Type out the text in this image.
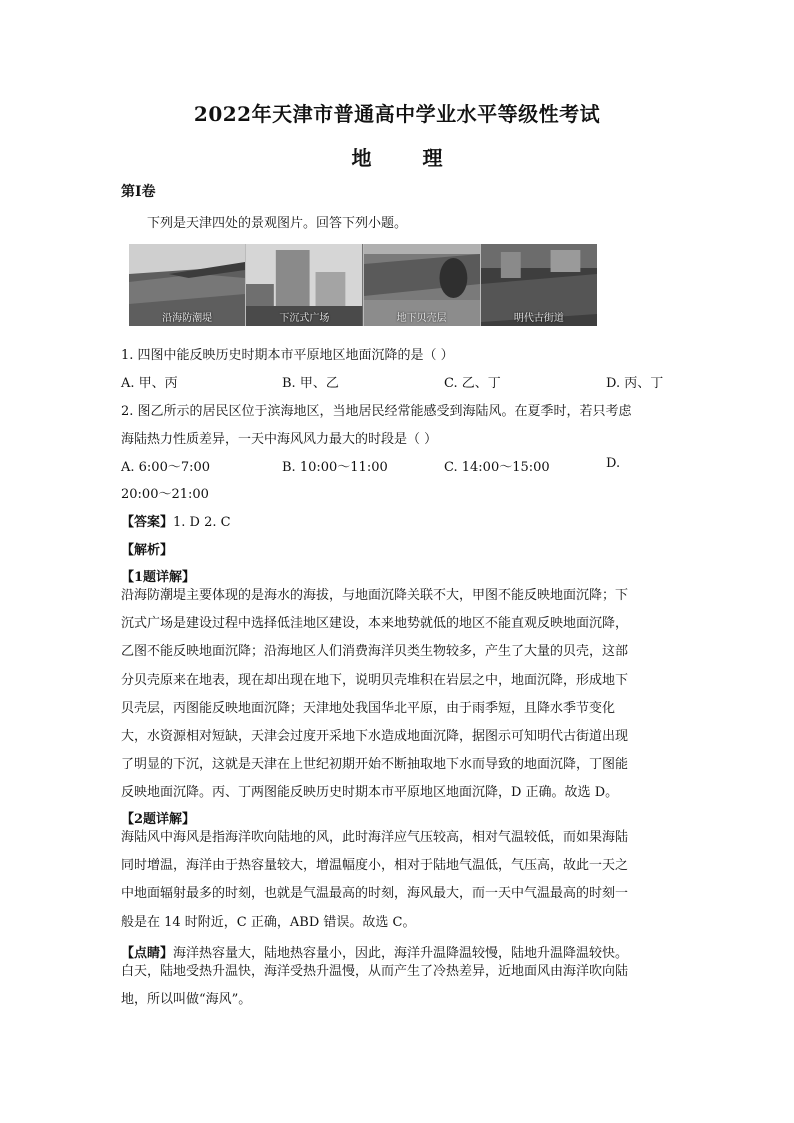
2022年天津市普通高中学业水平等级性考试
地 理
第Ⅰ卷
下列是天津四处的景观图片。回答下列小题。
沿海防潮堤	下沉式广场	地下贝壳层	明代古街道
1. 四图中能反映历史时期本市平原地区地面沉降的是（ ）
A. 甲、丙	B. 甲、乙	C. 乙、丁	D. 丙、丁
2. 图乙所示的居民区位于滨海地区，当地居民经常能感受到海陆风。在夏季时，若只考虑
海陆热力性质差异，一天中海风风力最大的时段是（ ）
A. 6:00～7:00	B. 10:00～11:00	C. 14:00～15:00	D.
20:00～21:00
【答案】1. D 2. C
【解析】
【1题详解】
沿海防潮堤主要体现的是海水的海拔，与地面沉降关联不大，甲图不能反映地面沉降；下
沉式广场是建设过程中选择低洼地区建设，本来地势就低的地区不能直观反映地面沉降，
乙图不能反映地面沉降；沿海地区人们消费海洋贝类生物较多，产生了大量的贝壳，这部
分贝壳原来在地表，现在却出现在地下，说明贝壳堆积在岩层之中，地面沉降，形成地下
贝壳层，丙图能反映地面沉降；天津地处我国华北平原，由于雨季短，且降水季节变化
大，水资源相对短缺，天津会过度开采地下水造成地面沉降，据图示可知明代古街道出现
了明显的下沉，这就是天津在上世纪初期开始不断抽取地下水而导致的地面沉降，丁图能
反映地面沉降。丙、丁两图能反映历史时期本市平原地区地面沉降，D 正确。故选 D。
【2题详解】
海陆风中海风是指海洋吹向陆地的风，此时海洋应气压较高，相对气温较低，而如果海陆
同时增温，海洋由于热容量较大，增温幅度小，相对于陆地气温低，气压高，故此一天之
中地面辐射最多的时刻，也就是气温最高的时刻，海风最大，而一天中气温最高的时刻一
般是在 14 时附近，C 正确，ABD 错误。故选 C。
【点睛】海洋热容量大，陆地热容量小，因此，海洋升温降温较慢，陆地升温降温较快。
白天，陆地受热升温快，海洋受热升温慢，从而产生了冷热差异，近地面风由海洋吹向陆
地，所以叫做“海风”。
